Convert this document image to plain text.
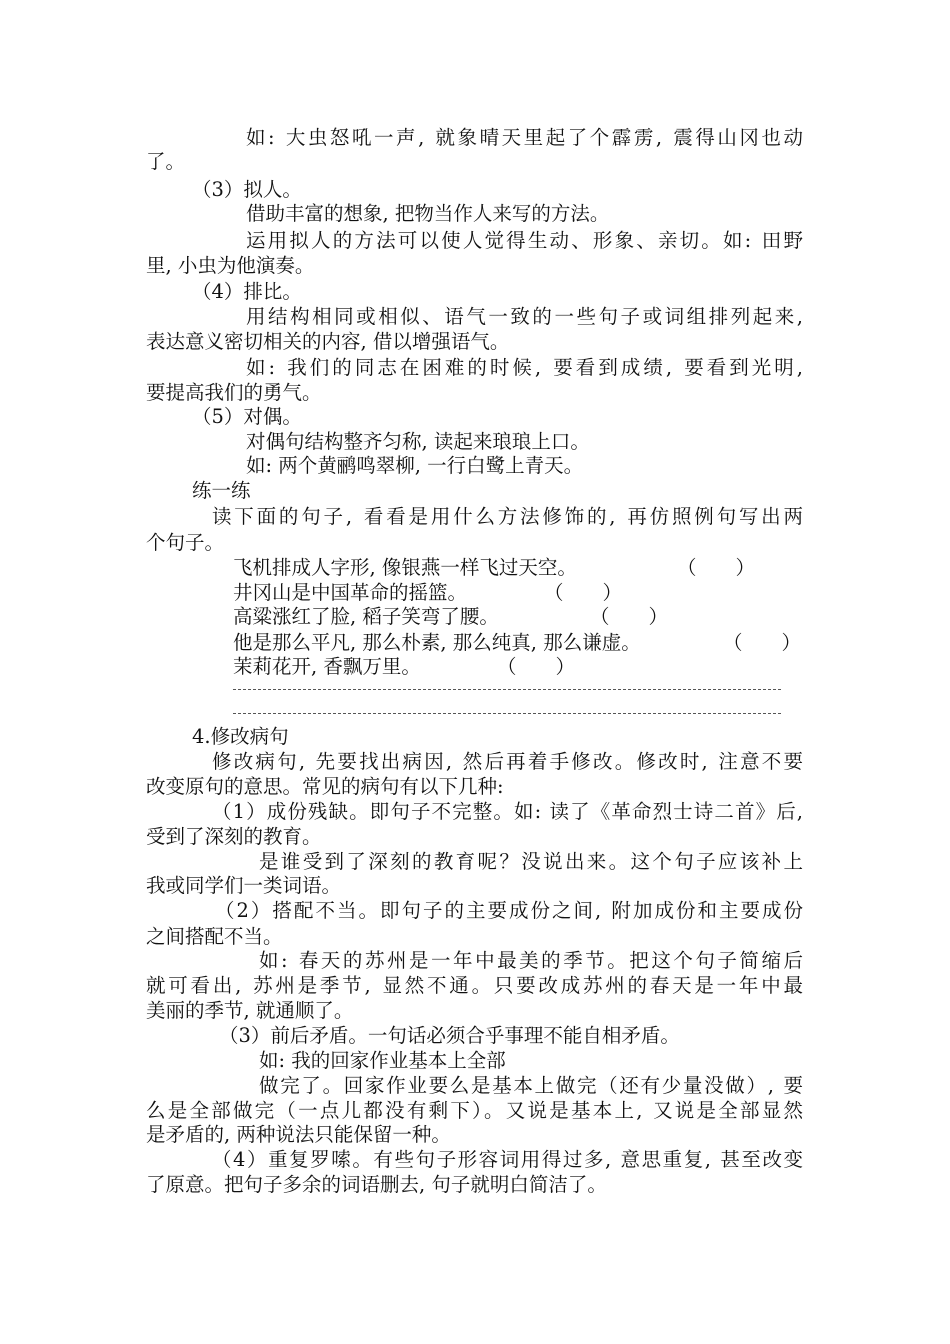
如: 大虫怒吼一声, 就象晴天里起了个霹雳, 震得山冈也动
了。
（3）拟人。
借助丰富的想象, 把物当作人来写的方法。
运用拟人的方法可以使人觉得生动、形象、亲切。如: 田野
里, 小虫为他演奏。
（4）排比。
用结构相同或相似、语气一致的一些句子或词组排列起来,
表达意义密切相关的内容, 借以增强语气。
如: 我们的同志在困难的时候, 要看到成绩, 要看到光明,
要提高我们的勇气。
（5）对偶。
对偶句结构整齐匀称, 读起来琅琅上口。
如: 两个黄鹂鸣翠柳, 一行白鹭上青天。
练一练
读下面的句子, 看看是用什么方法修饰的, 再仿照例句写出两
个句子。
飞机排成人字形, 像银燕一样飞过天空。	（　　）
井冈山是中国革命的摇篮。	（　　）
高粱涨红了脸, 稻子笑弯了腰。	（　　）
他是那么平凡, 那么朴素, 那么纯真, 那么谦虚。	（　　）
茉莉花开, 香飘万里。	（　　）
4.修改病句
修改病句, 先要找出病因, 然后再着手修改。修改时, 注意不要
改变原句的意思。常见的病句有以下几种:
（1）成份残缺。即句子不完整。如: 读了《革命烈士诗二首》后,
受到了深刻的教育。
是谁受到了深刻的教育呢？没说出来。这个句子应该补上
我或同学们一类词语。
（2）搭配不当。即句子的主要成份之间, 附加成份和主要成份
之间搭配不当。
如: 春天的苏州是一年中最美的季节。把这个句子简缩后
就可看出, 苏州是季节, 显然不通。只要改成苏州的春天是一年中最
美丽的季节, 就通顺了。
（3）前后矛盾。一句话必须合乎事理不能自相矛盾。
如: 我的回家作业基本上全部
做完了。回家作业要么是基本上做完（还有少量没做）, 要
么是全部做完（一点儿都没有剩下）。又说是基本上, 又说是全部显然
是矛盾的, 两种说法只能保留一种。
（4）重复罗嗦。有些句子形容词用得过多, 意思重复, 甚至改变
了原意。把句子多余的词语删去, 句子就明白简洁了。
